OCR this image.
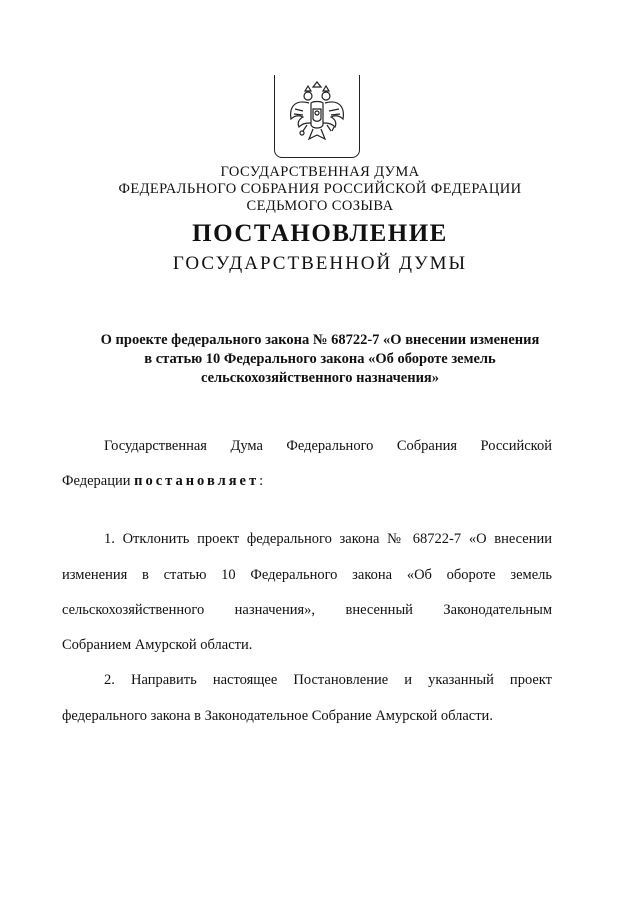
ГОСУДАРСТВЕННАЯ ДУМА
ФЕДЕРАЛЬНОГО СОБРАНИЯ РОССИЙСКОЙ ФЕДЕРАЦИИ
СЕДЬМОГО СОЗЫВА
ПОСТАНОВЛЕНИЕ
ГОСУДАРСТВЕННОЙ ДУМЫ
О проекте федерального закона № 68722-7 «О внесении изменения
в статью 10 Федерального закона «Об обороте земель
сельскохозяйственного назначения»
Государственная Дума Федерального Собрания Российской
Федерации постановляет:
1. Отклонить проект федерального закона № 68722-7 «О внесении
изменения в статью 10 Федерального закона «Об обороте земель
сельскохозяйственного назначения», внесенный Законодательным
Собранием Амурской области.
2. Направить настоящее Постановление и указанный проект
федерального закона в Законодательное Собрание Амурской области.
